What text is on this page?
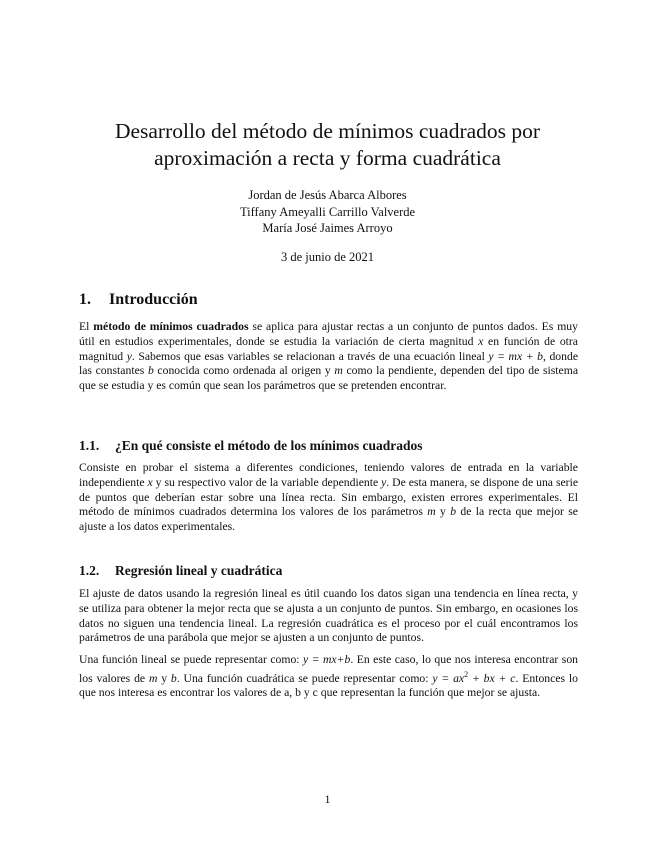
Desarrollo del método de mínimos cuadrados por
aproximación a recta y forma cuadrática
Jordan de Jesús Abarca Albores
Tiffany Ameyalli Carrillo Valverde
María José Jaimes Arroyo
3 de junio de 2021
1. Introducción
El método de mínimos cuadrados se aplica para ajustar rectas a un conjunto de puntos dados. Es muy útil en estudios experimentales, donde se estudia la variación de cierta magnitud x en función de otra magnitud y. Sabemos que esas variables se relacionan a través de una ecuación lineal y = mx + b, donde las constantes b conocida como ordenada al origen y m como la pendiente, dependen del tipo de sistema que se estudia y es común que sean los parámetros que se pretenden encontrar.
1.1. ¿En qué consiste el método de los mínimos cuadrados
Consiste en probar el sistema a diferentes condiciones, teniendo valores de entrada en la variable independiente x y su respectivo valor de la variable dependiente y. De esta manera, se dispone de una serie de puntos que deberían estar sobre una línea recta. Sin embargo, existen errores experimentales. El método de mínimos cuadrados determina los valores de los parámetros m y b de la recta que mejor se ajuste a los datos experimentales.
1.2. Regresión lineal y cuadrática
El ajuste de datos usando la regresión lineal es útil cuando los datos sigan una tendencia en línea recta, y se utiliza para obtener la mejor recta que se ajusta a un conjunto de puntos. Sin embargo, en ocasiones los datos no siguen una tendencia lineal. La regresión cuadrática es el proceso por el cuál encontramos los parámetros de una parábola que mejor se ajusten a un conjunto de puntos.
Una función lineal se puede representar como: y = mx+b. En este caso, lo que nos interesa encontrar son los valores de m y b. Una función cuadrática se puede representar como: $y = ax^2$ + bx + c. Entonces lo que nos interesa es encontrar los valores de a, b y c que representan la función que mejor se ajusta.
1
